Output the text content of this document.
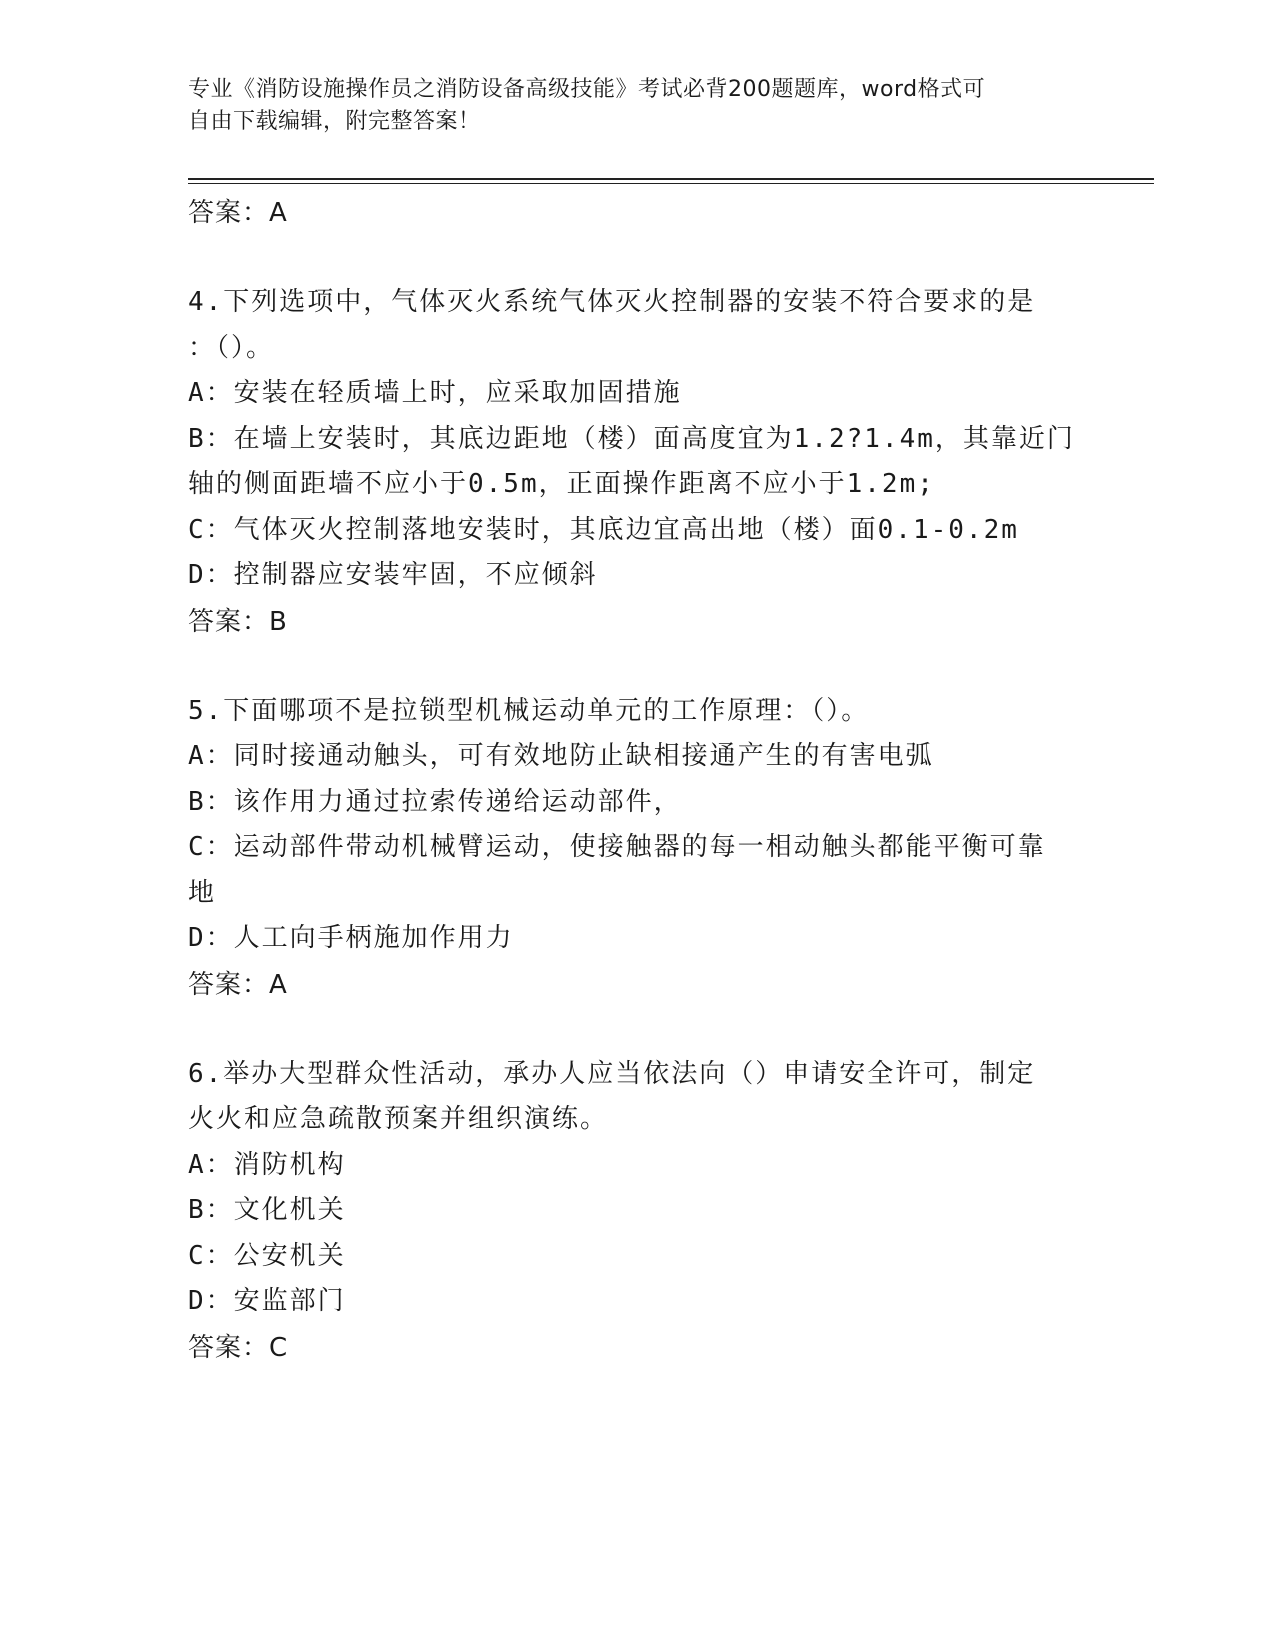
专业《消防设施操作员之消防设备高级技能》考试必背200题题库，word格式可
自由下载编辑，附完整答案！
答案：A
4.下列选项中，气体灭火系统气体灭火控制器的安装不符合要求的是
：（）。
A：安装在轻质墙上时，应采取加固措施
B：在墙上安装时，其底边距地（楼）面高度宜为1.2?1.4m，其靠近门
轴的侧面距墙不应小于0.5m，正面操作距离不应小于1.2m;
C：气体灭火控制落地安装时，其底边宜高出地（楼）面0.1-0.2m
D：控制器应安装牢固，不应倾斜
答案：B
5.下面哪项不是拉锁型机械运动单元的工作原理：（）。
A：同时接通动触头，可有效地防止缺相接通产生的有害电弧
B：该作用力通过拉索传递给运动部件，
C：运动部件带动机械臂运动，使接触器的每一相动触头都能平衡可靠
地
D：人工向手柄施加作用力
答案：A
6.举办大型群众性活动，承办人应当依法向（）申请安全许可，制定
火火和应急疏散预案并组织演练。
A：消防机构
B：文化机关
C：公安机关
D：安监部门
答案：C
